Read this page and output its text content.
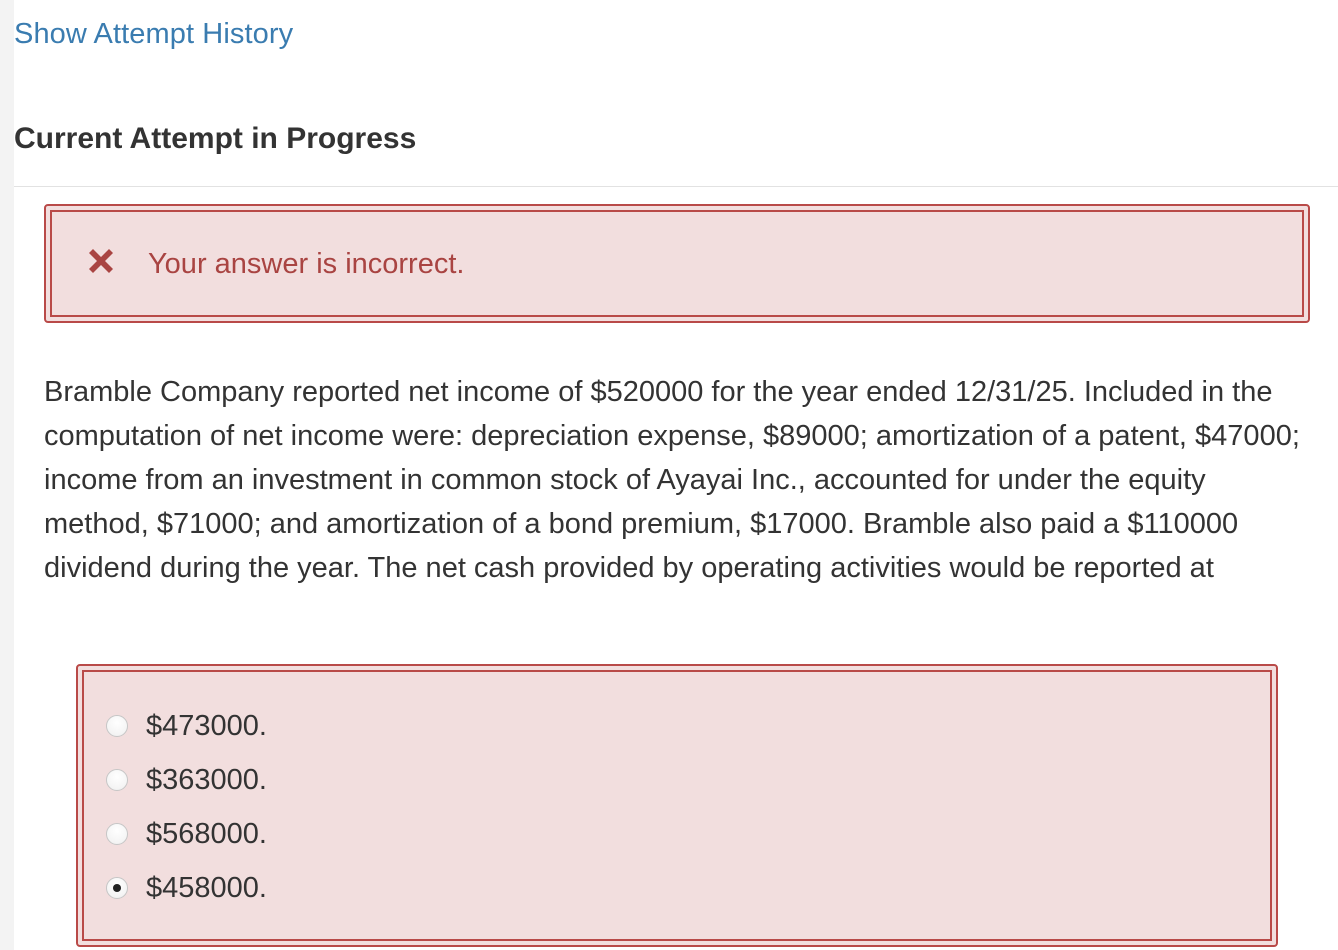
Show Attempt History
Current Attempt in Progress
Your answer is incorrect.

Bramble Company reported net income of $520000 for the year ended 12/31/25. Included in the computation of net income were: depreciation expense, $89000; amortization of a patent, $47000; income from an investment in common stock of Ayayai Inc., accounted for under the equity method, $71000; and amortization of a bond premium, $17000. Bramble also paid a $110000 dividend during the year. The net cash provided by operating activities would be reported at

$473000.
$363000.
$568000.
$458000.
